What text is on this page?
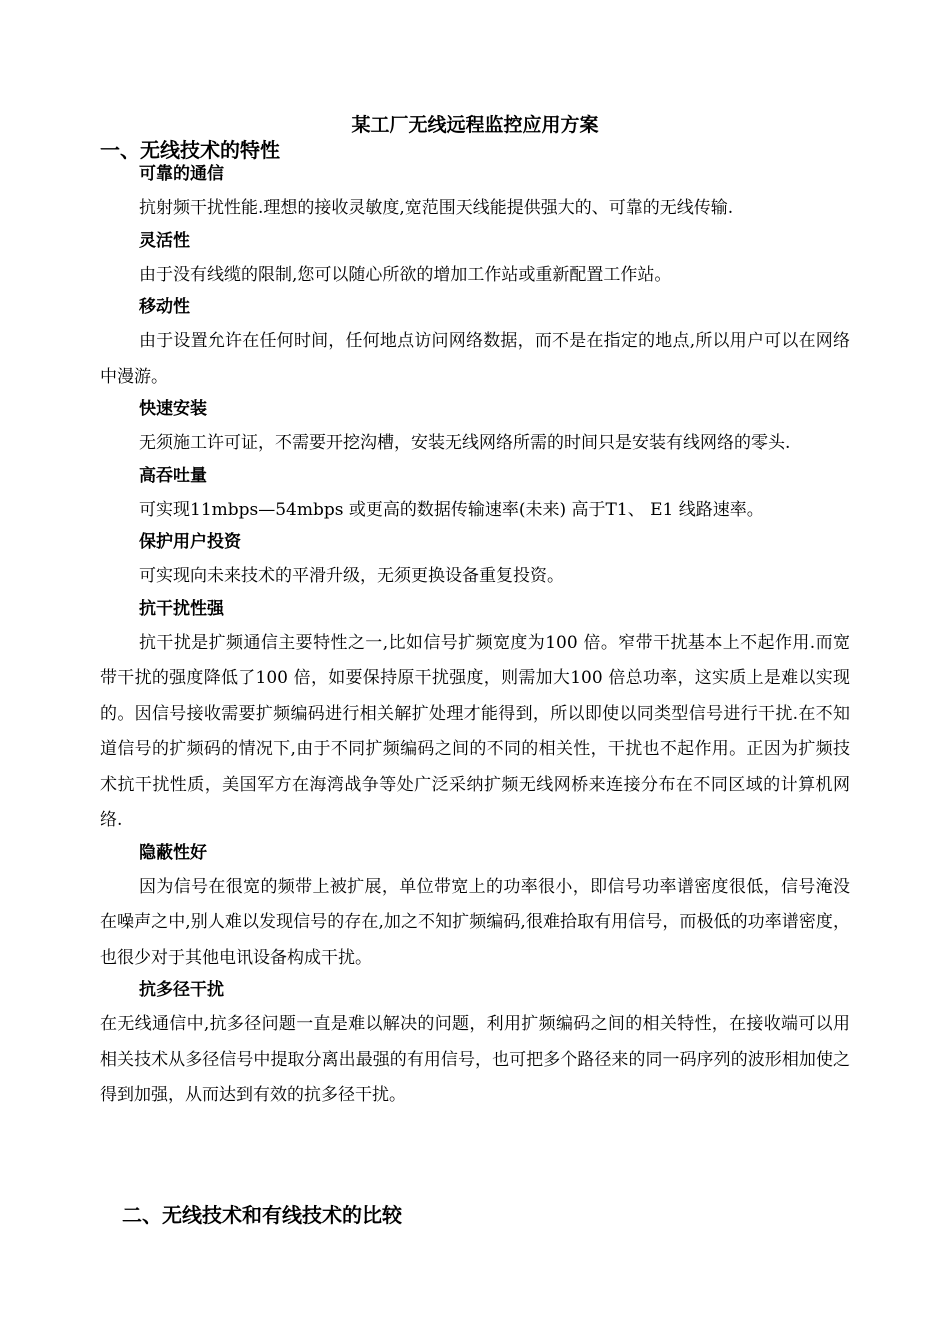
某工厂无线远程监控应用方案
一、无线技术的特性
可靠的通信

抗射频干扰性能.理想的接收灵敏度,宽范围天线能提供强大的、可靠的无线传输.

灵活性

由于没有线缆的限制,您可以随心所欲的增加工作站或重新配置工作站。

移动性

由于设置允许在任何时间，任何地点访问网络数据，而不是在指定的地点,所以用户可以在网络中漫游。

快速安装

无须施工许可证，不需要开挖沟槽，安装无线网络所需的时间只是安装有线网络的零头.

高吞吐量

可实现11mbps—54mbps 或更高的数据传输速率(未来) 高于T1、 E1 线路速率。

保护用户投资

可实现向未来技术的平滑升级，无须更换设备重复投资。

抗干扰性强

抗干扰是扩频通信主要特性之一,比如信号扩频宽度为100 倍。窄带干扰基本上不起作用.而宽带干扰的强度降低了100 倍，如要保持原干扰强度，则需加大100 倍总功率，这实质上是难以实现的。因信号接收需要扩频编码进行相关解扩处理才能得到，所以即使以同类型信号进行干扰.在不知道信号的扩频码的情况下,由于不同扩频编码之间的不同的相关性，干扰也不起作用。正因为扩频技术抗干扰性质，美国军方在海湾战争等处广泛采纳扩频无线网桥来连接分布在不同区域的计算机网络.

隐蔽性好

因为信号在很宽的频带上被扩展，单位带宽上的功率很小，即信号功率谱密度很低，信号淹没在噪声之中,别人难以发现信号的存在,加之不知扩频编码,很难拾取有用信号，而极低的功率谱密度，也很少对于其他电讯设备构成干扰。

抗多径干扰

在无线通信中,抗多径问题一直是难以解决的问题，利用扩频编码之间的相关特性，在接收端可以用相关技术从多径信号中提取分离出最强的有用信号，也可把多个路径来的同一码序列的波形相加使之得到加强，从而达到有效的抗多径干扰。

二、无线技术和有线技术的比较
